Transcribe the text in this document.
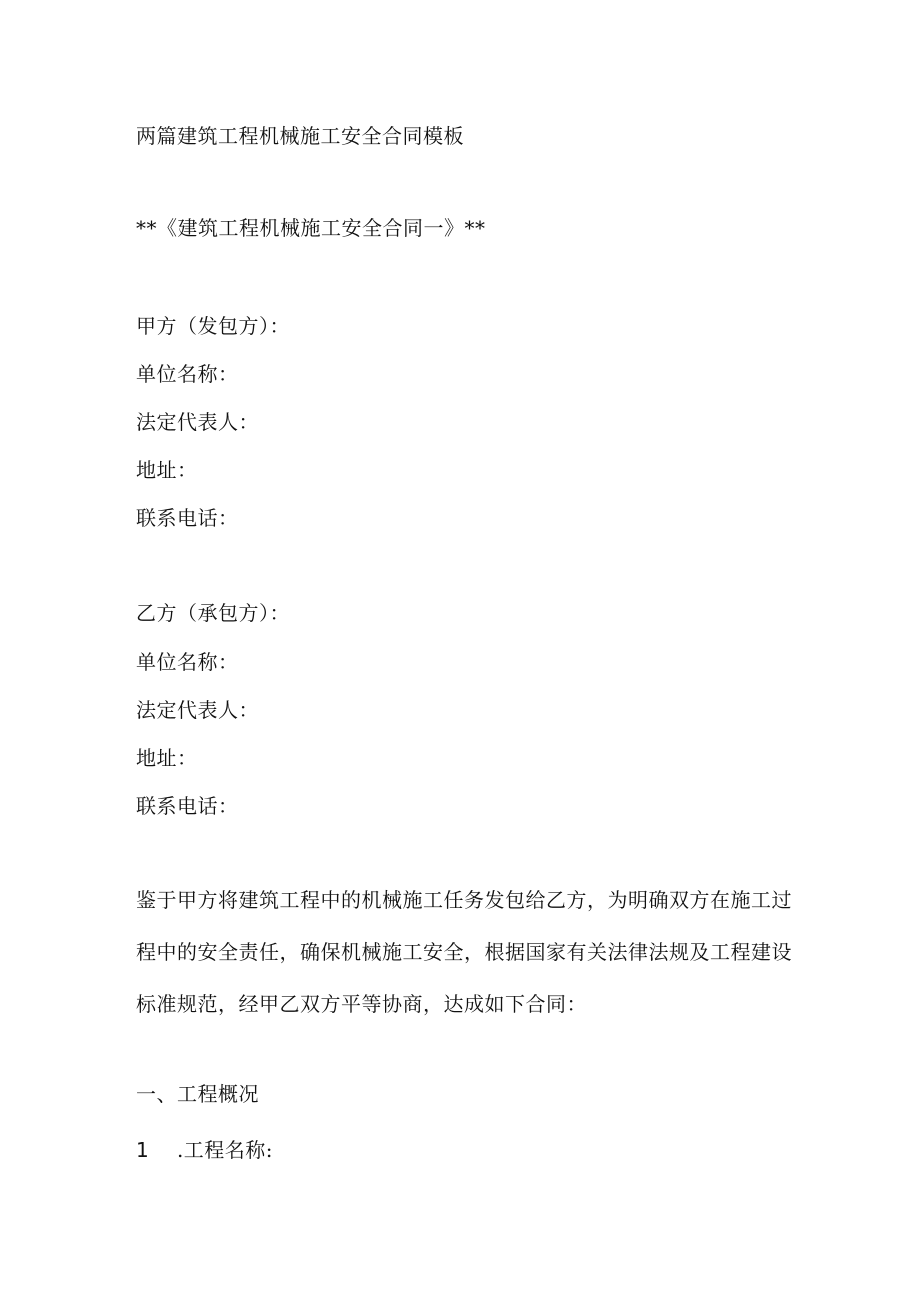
两篇建筑工程机械施工安全合同模板
**《建筑工程机械施工安全合同一》**
甲方（发包方）：
单位名称：
法定代表人：
地址：
联系电话：
乙方（承包方）：
单位名称：
法定代表人：
地址：
联系电话：
鉴于甲方将建筑工程中的机械施工任务发包给乙方，为明确双方在施工过
程中的安全责任，确保机械施工安全，根据国家有关法律法规及工程建设
标准规范，经甲乙双方平等协商，达成如下合同：
一、工程概况
1 .工程名称:
